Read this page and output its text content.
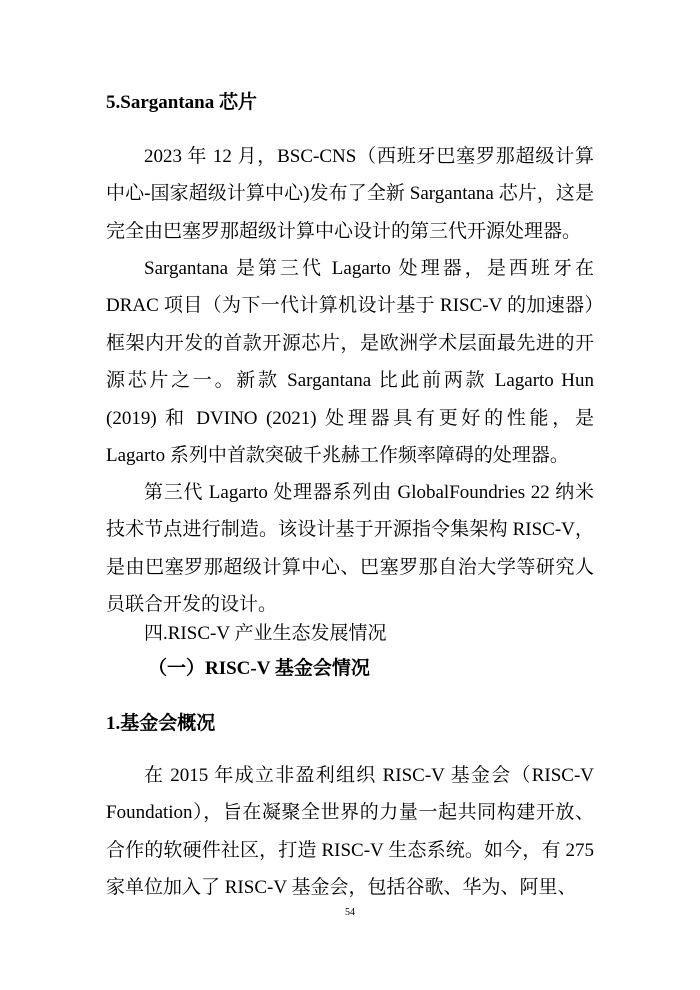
5.Sargantana 芯片

2023 年 12 月，BSC-CNS（西班牙巴塞罗那超级计算中心-国家超级计算中心)发布了全新 Sargantana 芯片，这是完全由巴塞罗那超级计算中心设计的第三代开源处理器。

Sargantana 是第三代 Lagarto 处理器，是西班牙在 DRAC 项目（为下一代计算机设计基于 RISC-V 的加速器）框架内开发的首款开源芯片，是欧洲学术层面最先进的开源芯片之一。新款 Sargantana 比此前两款 Lagarto Hun (2019) 和 DVINO (2021) 处理器具有更好的性能，是 Lagarto 系列中首款突破千兆赫工作频率障碍的处理器。

第三代 Lagarto 处理器系列由 GlobalFoundries 22 纳米技术节点进行制造。该设计基于开源指令集架构 RISC-V，是由巴塞罗那超级计算中心、巴塞罗那自治大学等研究人员联合开发的设计。

四.RISC-V 产业生态发展情况
（一）RISC-V 基金会情况
1.基金会概况

在 2015 年成立非盈利组织 RISC-V 基金会（RISC-V Foundation），旨在凝聚全世界的力量一起共同构建开放、合作的软硬件社区，打造 RISC-V 生态系统。如今，有 275 家单位加入了 RISC-V 基金会，包括谷歌、华为、阿里、

54
